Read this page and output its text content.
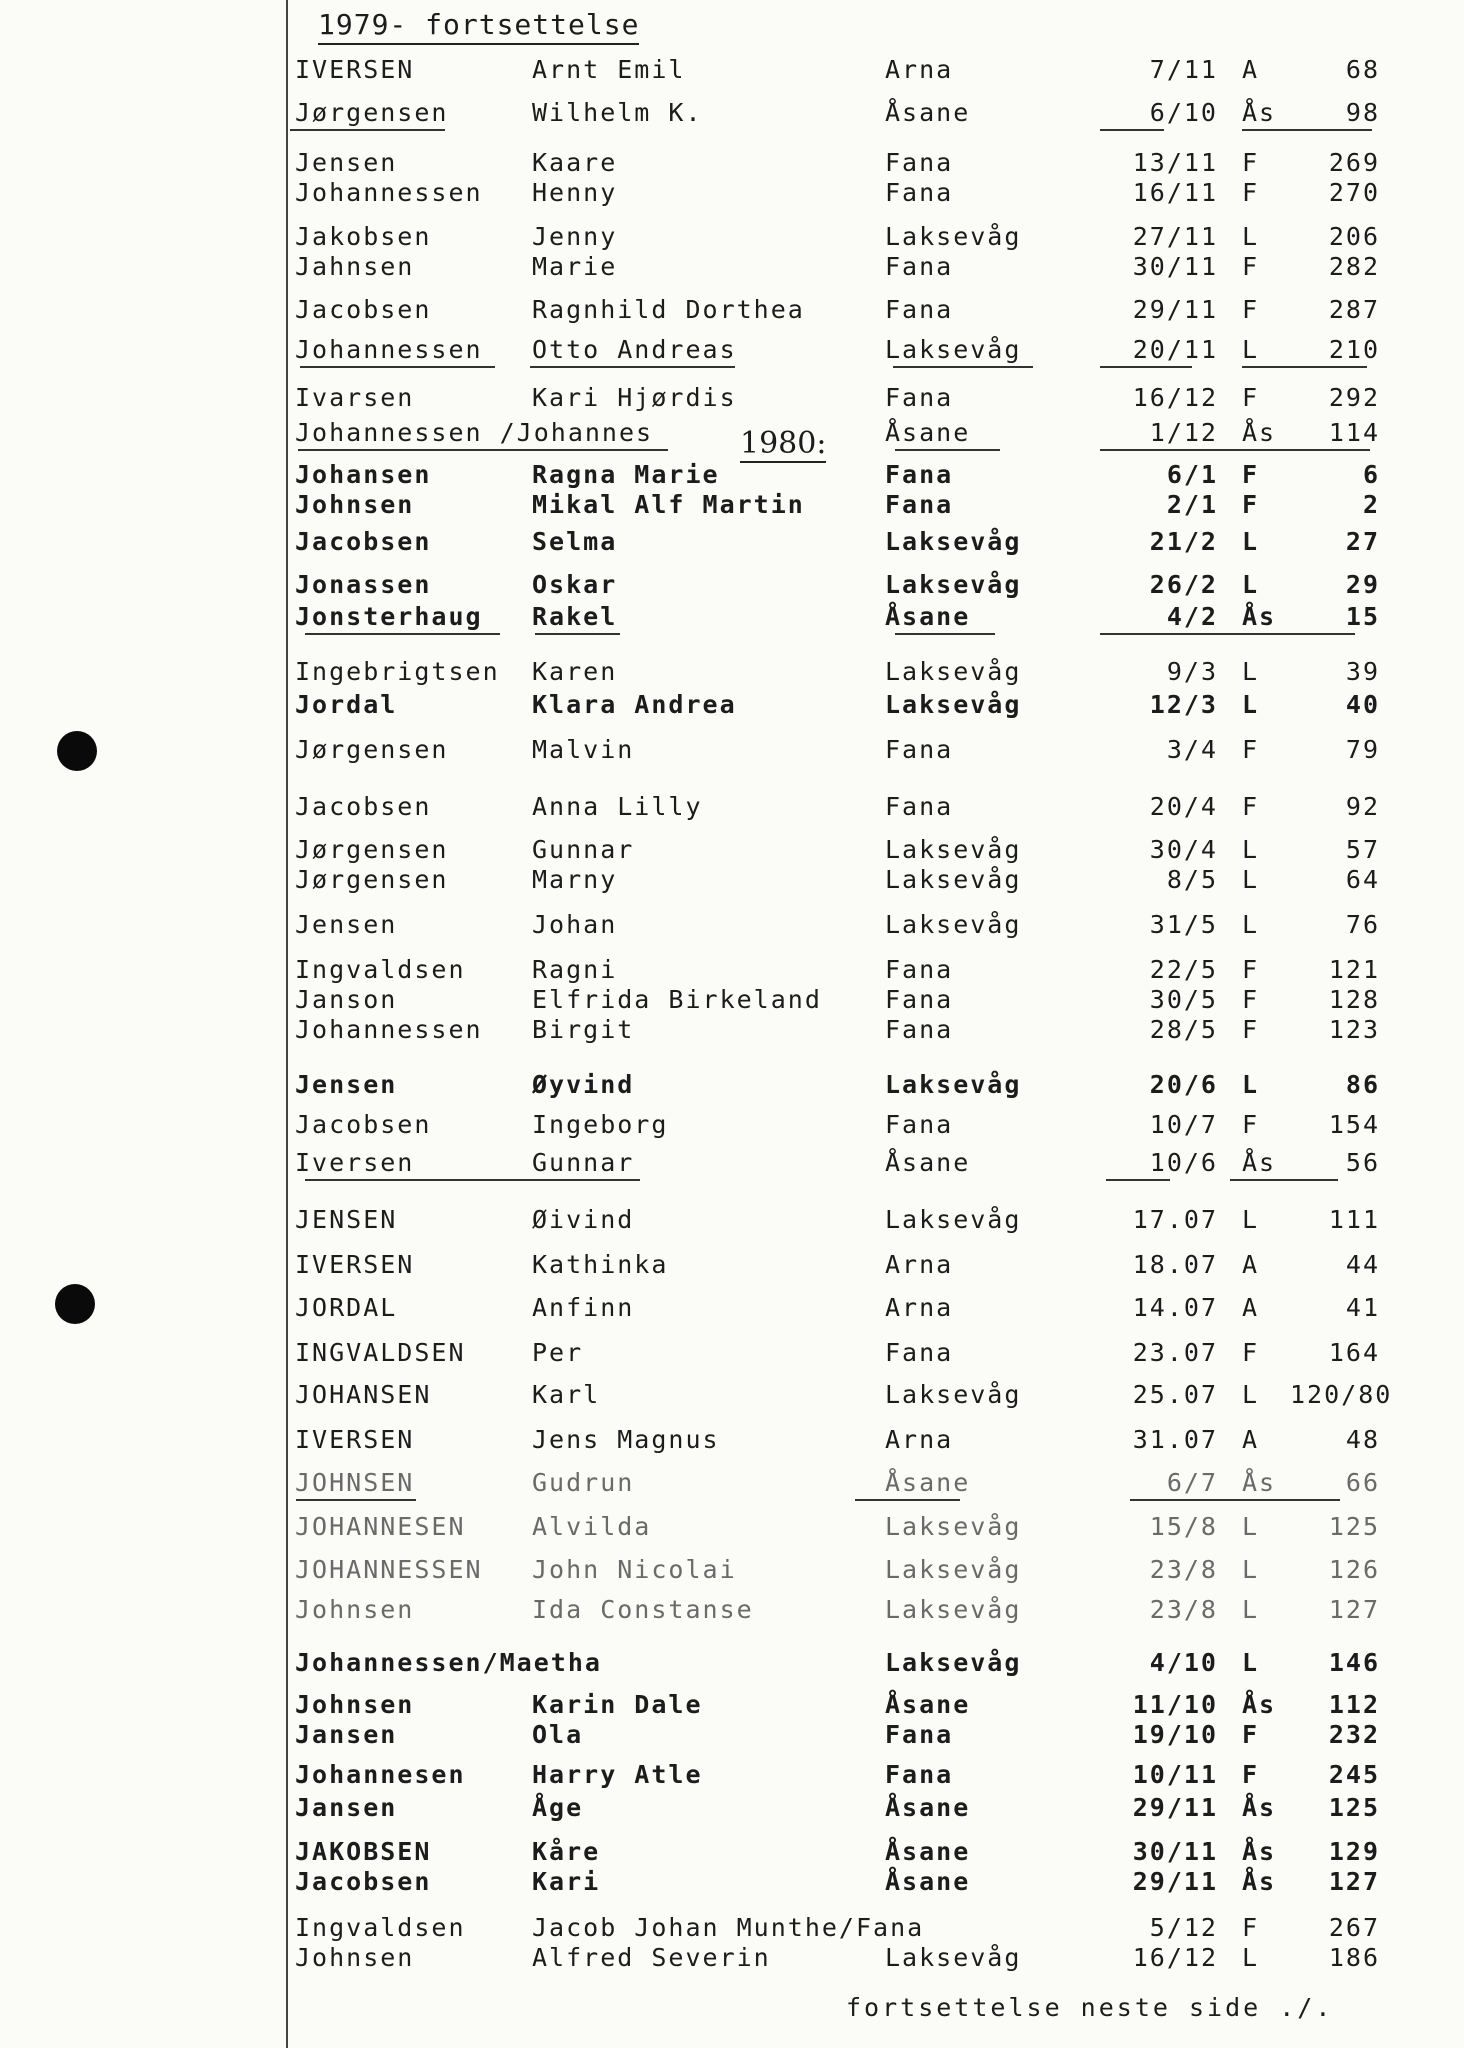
1979- fortsettelse
1980:
IVERSEN	Arnt Emil	Arna	7/11 A	68
Jørgensen	Wilhelm K.	Åsane	6/10 Ås	98
Jensen	Kaare	Fana	13/11 F	269
Johannessen Henny	Fana	16/11 F	270
Jakobsen	Jenny	Laksevåg	27/11 L	206
Jahnsen	Marie	Fana	30/11 F	282
Jacobsen	Ragnhild Dorthea	Fana	29/11 F	287
Johannessen Otto Andreas	Laksevåg	20/11 L	210
Ivarsen	Kari Hjørdis	Fana	16/12 F	292
Johannessen /Johannes	Åsane	1/12 Ås	114
Johansen	Ragna Marie	Fana	6/1 F	6
Johnsen	Mikal Alf Martin	Fana	2/1 F	2
Jacobsen	Selma	Laksevåg	21/2 L	27
Jonassen	Oskar	Laksevåg	26/2 L	29
Jonsterhaug Rakel	Åsane	4/2 Ås	15
Ingebrigtsen Karen	Laksevåg	9/3 L	39
Jordal	Klara Andrea	Laksevåg	12/3 L	40
Jørgensen	Malvin	Fana	3/4 F	79
Jacobsen	Anna Lilly	Fana	20/4 F	92
Jørgensen	Gunnar	Laksevåg	30/4 L	57
Jørgensen	Marny	Laksevåg	8/5 L	64
Jensen	Johan	Laksevåg	31/5 L	76
Ingvaldsen	Ragni	Fana	22/5 F	121
Janson	Elfrida Birkeland	Fana	30/5 F	128
Johannessen Birgit	Fana	28/5 F	123
Jensen	Øyvind	Laksevåg	20/6 L	86
Jacobsen	Ingeborg	Fana	10/7 F	154
Iversen	Gunnar	Åsane	10/6 Ås	56
JENSEN	Øivind	Laksevåg	17.07 L	111
IVERSEN	Kathinka	Arna	18.07 A	44
JORDAL	Anfinn	Arna	14.07 A	41
INGVALDSEN	Per	Fana	23.07 F	164
JOHANSEN	Karl	Laksevåg	25.07 L 120/80
IVERSEN	Jens Magnus	Arna	31.07 A	48
JOHNSEN	Gudrun	Åsane	6/7 Ås	66
JOHANNESEN	Alvilda	Laksevåg	15/8 L	125
JOHANNESSEN John Nicolai	Laksevåg	23/8 L	126
Johnsen	Ida Constanse	Laksevåg	23/8 L	127
Johannessen/Maetha	Laksevåg	4/10 L	146
Johnsen	Karin Dale	Åsane	11/10 Ås	112
Jansen	Ola	Fana	19/10 F	232
Johannesen	Harry Atle	Fana	10/11 F	245
Jansen	Åge	Åsane	29/11 Ås	125
JAKOBSEN	Kåre	Åsane	30/11 Ås	129
Jacobsen	Kari	Åsane	29/11 Ås	127
Ingvaldsen	Jacob Johan Munthe/Fana	5/12 F	267
Johnsen	Alfred Severin	Laksevåg	16/12 L	186
fortsettelse neste side ./.
